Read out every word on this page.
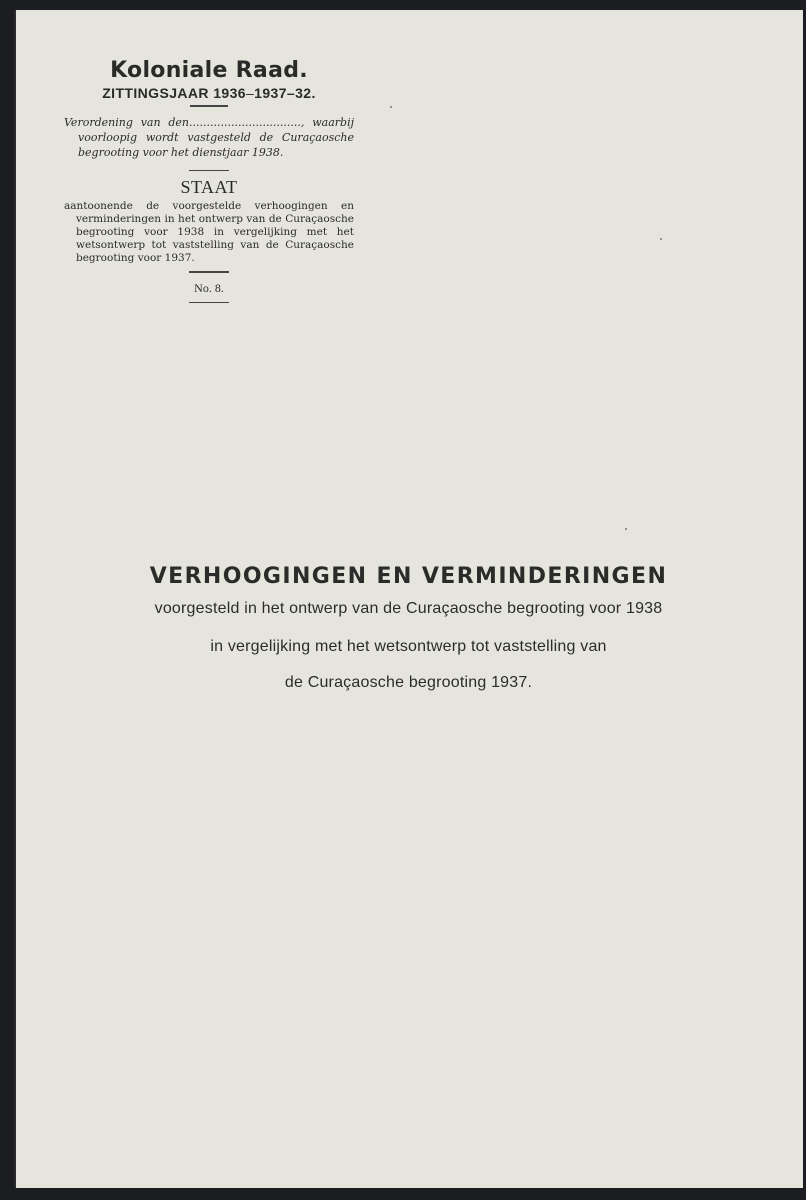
Koloniale Raad.
ZITTINGSJAAR 1936–1937–32.
Verordening van den................................, waarbij voorloopig wordt vastgesteld de Curaçaosche begrooting voor het dienstjaar 1938.
STAAT
aantoonende de voorgestelde verhoogingen en verminderingen in het ontwerp van de Curaçaosche begrooting voor 1938 in vergelijking met het wetsontwerp tot vaststelling van de Curaçaosche begrooting voor 1937.
No. 8.
VERHOOGINGEN EN VERMINDERINGEN
voorgesteld in het ontwerp van de Curaçaosche begrooting voor 1938
in vergelijking met het wetsontwerp tot vaststelling van
de Curaçaosche begrooting 1937.
